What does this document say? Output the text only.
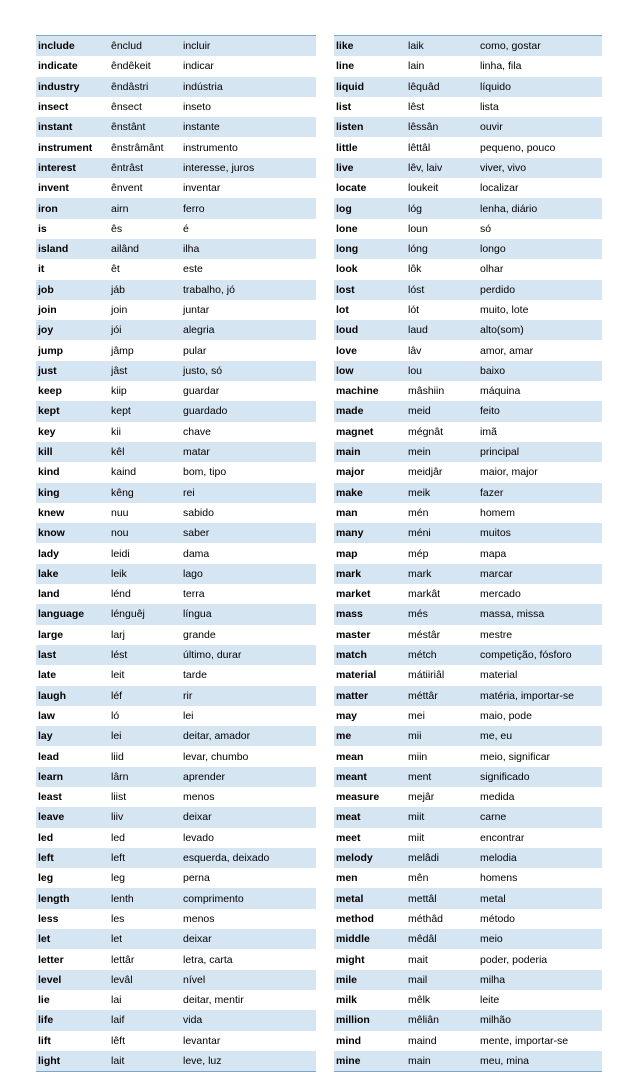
include	ênclud	incluir
indicate	êndêkeit	indicar
industry	êndâstri	indústria
insect	ênsect	inseto
instant	ênstânt	instante
instrument	ênstrâmânt	instrumento
interest	êntrâst	interesse, juros
invent	ênvent	inventar
iron	airn	ferro
is	ês	é
island	ailând	ilha
it	êt	este
job	jáb	trabalho, jó
join	join	juntar
joy	jói	alegria
jump	jâmp	pular
just	jâst	justo, só
keep	kiip	guardar
kept	kept	guardado
key	kii	chave
kill	kêl	matar
kind	kaind	bom, tipo
king	kêng	rei
knew	nuu	sabido
know	nou	saber
lady	leidi	dama
lake	leik	lago
land	lénd	terra
language	lénguêj	língua
large	larj	grande
last	lést	último, durar
late	leit	tarde
laugh	léf	rir
law	ló	lei
lay	lei	deitar, amador
lead	liid	levar, chumbo
learn	lârn	aprender
least	liist	menos
leave	liiv	deixar
led	led	levado
left	left	esquerda, deixado
leg	leg	perna
length	lenth	comprimento
less	les	menos
let	let	deixar
letter	lettâr	letra, carta
level	levâl	nível
lie	lai	deitar, mentir
life	laif	vida
lift	lêft	levantar
light	lait	leve, luz
like	laik	como, gostar
line	lain	linha, fila
liquid	lêquâd	líquido
list	lêst	lista
listen	lêssân	ouvir
little	lêttâl	pequeno, pouco
live	lêv, laiv	viver, vivo
locate	loukeit	localizar
log	lóg	lenha, diário
lone	loun	só
long	lóng	longo
look	lôk	olhar
lost	lóst	perdido
lot	lót	muito, lote
loud	laud	alto(som)
love	lâv	amor, amar
low	lou	baixo
machine	mâshiin	máquina
made	meid	feito
magnet	mégnât	imã
main	mein	principal
major	meidjâr	maior, major
make	meik	fazer
man	mén	homem
many	méni	muitos
map	mép	mapa
mark	mark	marcar
market	markât	mercado
mass	més	massa, missa
master	méstâr	mestre
match	métch	competição, fósforo
material	mátiiriâl	material
matter	méttâr	matéria, importar-se
may	mei	maio, pode
me	mii	me, eu
mean	miin	meio, significar
meant	ment	significado
measure	mejâr	medida
meat	miit	carne
meet	miit	encontrar
melody	melâdi	melodia
men	mên	homens
metal	mettâl	metal
method	méthâd	método
middle	mêdâl	meio
might	mait	poder, poderia
mile	mail	milha
milk	mêlk	leite
million	mêliân	milhão
mind	maind	mente, importar-se
mine	main	meu, mina
